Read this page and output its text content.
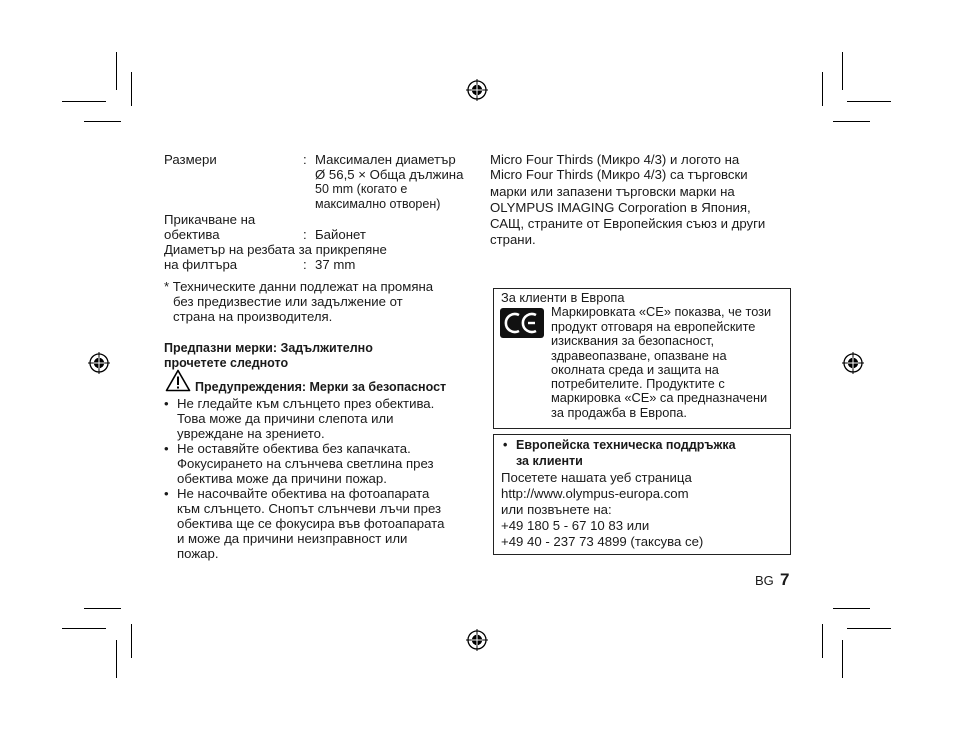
Размери	: Максимален диаметър
Ø 56,5 × Обща дължина
50 mm (когато е
максимално отворен)
Прикачване на
обектива	: Байонет
Диаметър на резбата за прикрепяне
на филтъра	: 37 mm
* Техническите данни подлежат на промяна
без предизвестие или задължение от
страна на производителя.
Предпазни мерки: Задължително
прочетете следното
Предупреждения: Мерки за безопасност
• Не гледайте към слънцето през обектива.
Това може да причини слепота или
увреждане на зрението.
• Не оставяйте обектива без капачката.
Фокусирането на слънчева светлина през
обектива може да причини пожар.
• Не насочвайте обектива на фотоапарата
към слънцето. Снопът слънчеви лъчи през
обектива ще се фокусира във фотоапарата
и може да причини неизправност или
пожар.
Micro Four Thirds (Микро 4/3) и логото на
Micro Four Thirds (Микро 4/3) са търговски
марки или запазени търговски марки на
OLYMPUS IMAGING Corporation в Япония,
САЩ, страните от Европейския съюз и други
страни.
За клиенти в Европа
Маркировката «CE» показва, че този
продукт отговаря на европейските
изисквания за безопасност,
здравеопазване, опазване на
околната среда и защита на
потребителите. Продуктите с
маркировка «CE» са предназначени
за продажба в Европа.
• Европейска техническа поддръжка
за клиенти
Посетете нашата уеб страница
http://www.olympus-europa.com
или позвънете на:
+49 180 5 - 67 10 83 или
+49 40 - 237 73 4899 (таксува се)
BG 7
